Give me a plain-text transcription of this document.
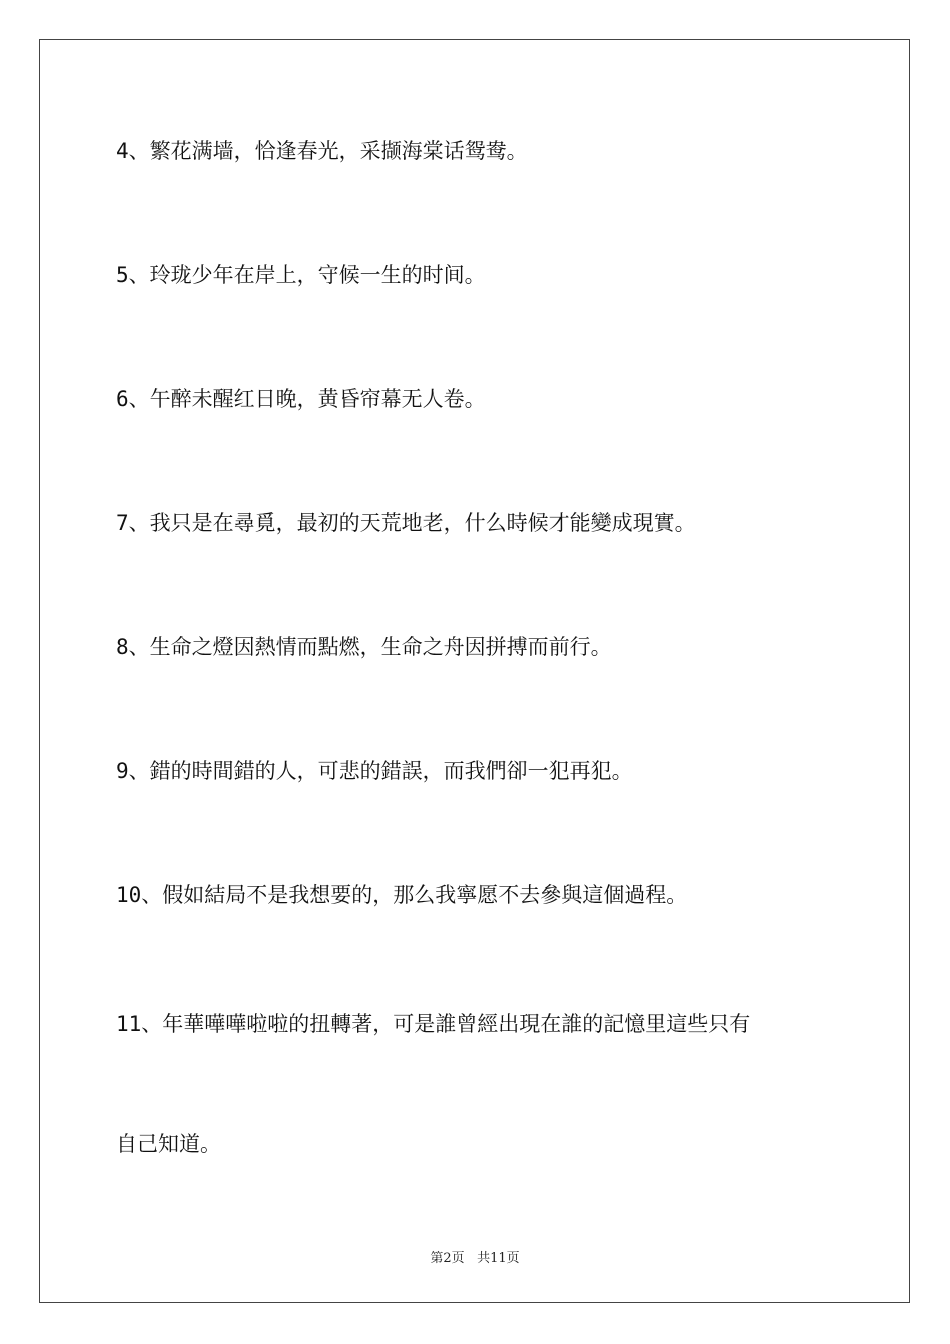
4、繁花满墙，恰逢春光，采撷海棠话鸳鸯。
5、玲珑少年在岸上，守候一生的时间。
6、午醉未醒红日晚，黄昏帘幕无人卷。
7、我只是在尋覓，最初的天荒地老，什么時候才能變成現實。
8、生命之燈因熱情而點燃，生命之舟因拼搏而前行。
9、錯的時間錯的人，可悲的錯誤，而我們卻一犯再犯。
10、假如結局不是我想要的，那么我寧愿不去參與這個過程。
11、年華嘩嘩啦啦的扭轉著，可是誰曾經出現在誰的記憶里這些只有
自己知道。
第2页 共11页
